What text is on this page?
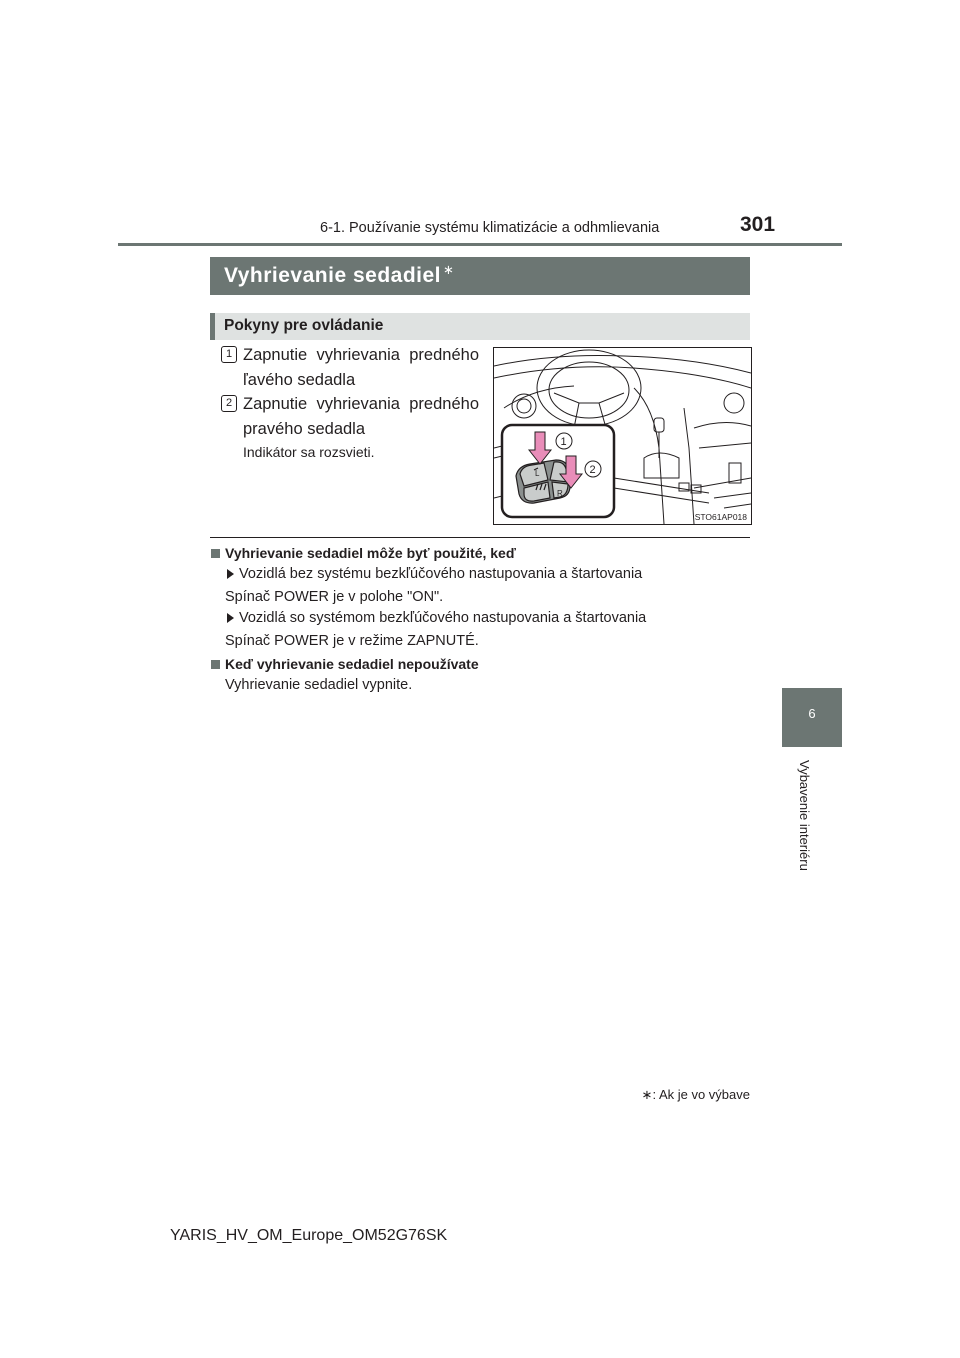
6-1. Používanie systému klimatizácie a odhmlievania	301
6
Vybavenie interiéru
Vyhrievanie sedadiel ∗
Pokyny pre ovládanie
1 Zapnutie vyhrievania predného ľavého sedadla
2 Zapnutie vyhrievania predného pravého sedadla
Indikátor sa rozsvieti.
L
R
1
2
STO61AP018
Vyhrievanie sedadiel môže byť použité, keď
Vozidlá bez systému bezkľúčového nastupovania a štartovania
Spínač POWER je v polohe "ON".
Vozidlá so systémom bezkľúčového nastupovania a štartovania
Spínač POWER je v režime ZAPNUTÉ.
Keď vyhrievanie sedadiel nepoužívate
Vyhrievanie sedadiel vypnite.
∗: Ak je vo výbave
YARIS_HV_OM_Europe_OM52G76SK
